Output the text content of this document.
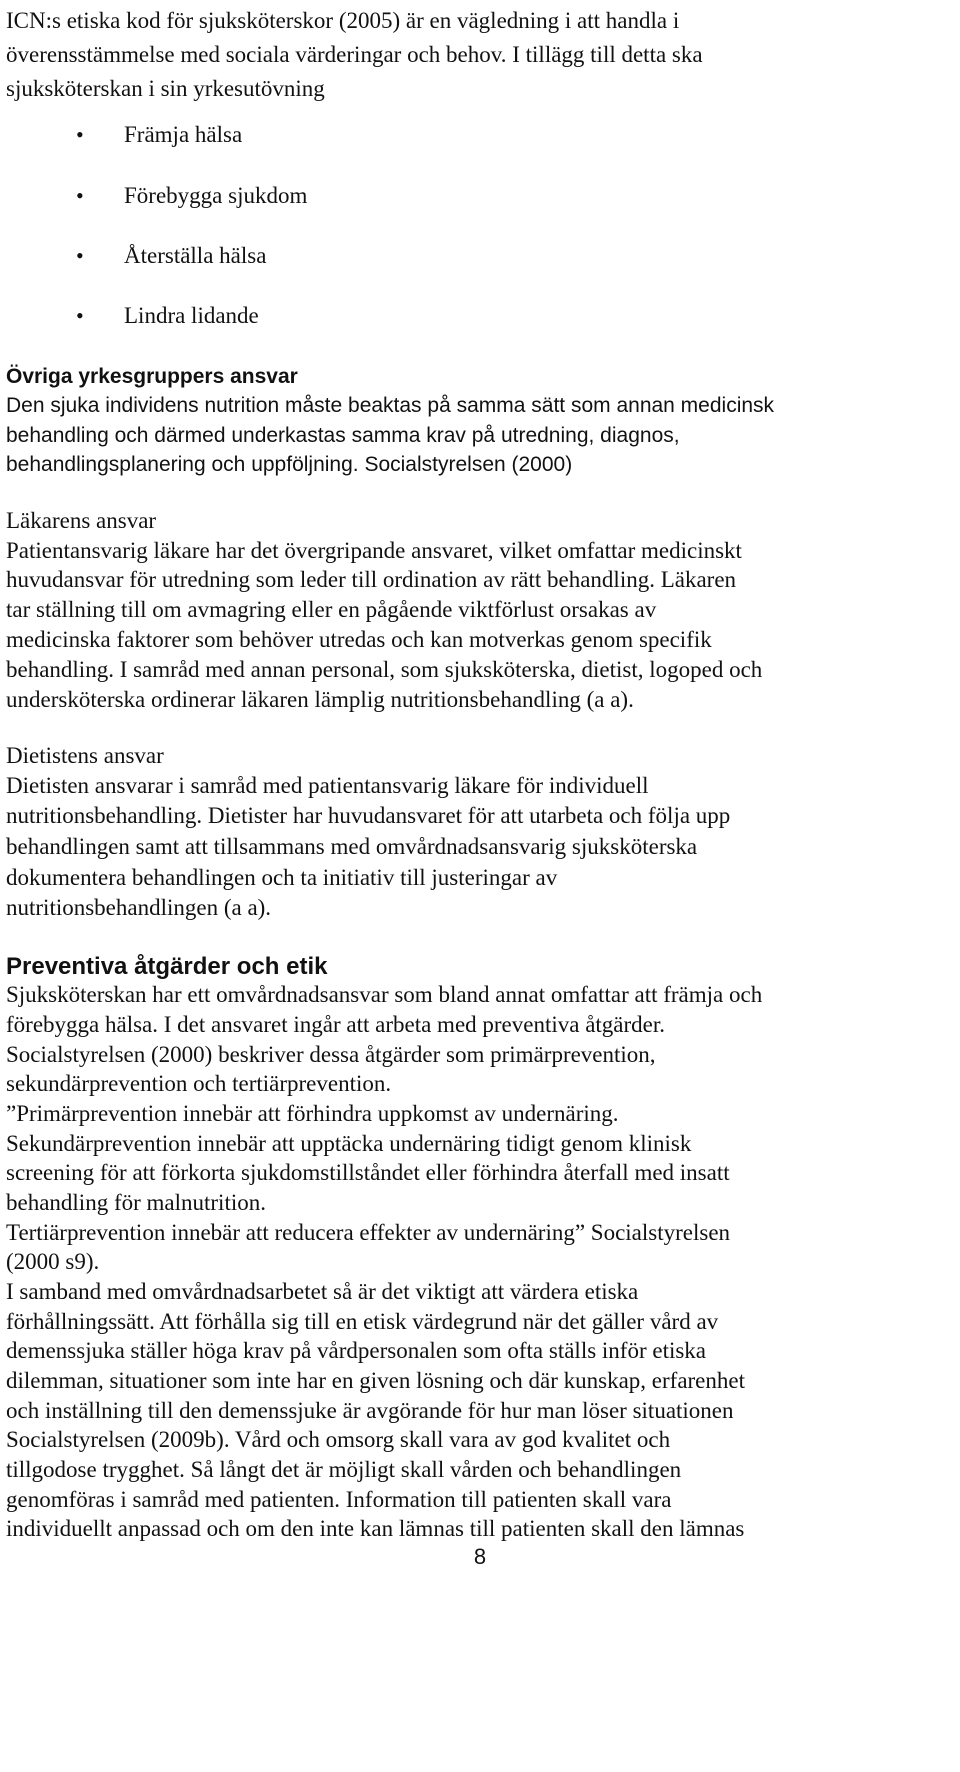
ICN:s etiska kod för sjuksköterskor (2005) är en vägledning i att handla i
överensstämmelse med sociala värderingar och behov. I tillägg till detta ska
sjuksköterskan i sin yrkesutövning
• Främja hälsa
• Förebygga sjukdom
• Återställa hälsa
• Lindra lidande
Övriga yrkesgruppers ansvar
Den sjuka individens nutrition måste beaktas på samma sätt som annan medicinsk
behandling och därmed underkastas samma krav på utredning, diagnos,
behandlingsplanering och uppföljning. Socialstyrelsen (2000)
Läkarens ansvar
Patientansvarig läkare har det övergripande ansvaret, vilket omfattar medicinskt
huvudansvar för utredning som leder till ordination av rätt behandling. Läkaren
tar ställning till om avmagring eller en pågående viktförlust orsakas av
medicinska faktorer som behöver utredas och kan motverkas genom specifik
behandling. I samråd med annan personal, som sjuksköterska, dietist, logoped och
undersköterska ordinerar läkaren lämplig nutritionsbehandling (a a).
Dietistens ansvar
Dietisten ansvarar i samråd med patientansvarig läkare för individuell
nutritionsbehandling. Dietister har huvudansvaret för att utarbeta och följa upp
behandlingen samt att tillsammans med omvårdnadsansvarig sjuksköterska
dokumentera behandlingen och ta initiativ till justeringar av
nutritionsbehandlingen (a a).
Preventiva åtgärder och etik
Sjuksköterskan har ett omvårdnadsansvar som bland annat omfattar att främja och
förebygga hälsa. I det ansvaret ingår att arbeta med preventiva åtgärder.
Socialstyrelsen (2000) beskriver dessa åtgärder som primärprevention,
sekundärprevention och tertiärprevention.
”Primärprevention innebär att förhindra uppkomst av undernäring.
Sekundärprevention innebär att upptäcka undernäring tidigt genom klinisk
screening för att förkorta sjukdomstillståndet eller förhindra återfall med insatt
behandling för malnutrition.
Tertiärprevention innebär att reducera effekter av undernäring” Socialstyrelsen
(2000 s9).
I samband med omvårdnadsarbetet så är det viktigt att värdera etiska
förhållningssätt. Att förhålla sig till en etisk värdegrund när det gäller vård av
demenssjuka ställer höga krav på vårdpersonalen som ofta ställs inför etiska
dilemman, situationer som inte har en given lösning och där kunskap, erfarenhet
och inställning till den demenssjuke är avgörande för hur man löser situationen
Socialstyrelsen (2009b). Vård och omsorg skall vara av god kvalitet och
tillgodose trygghet. Så långt det är möjligt skall vården och behandlingen
genomföras i samråd med patienten. Information till patienten skall vara
individuellt anpassad och om den inte kan lämnas till patienten skall den lämnas
8
